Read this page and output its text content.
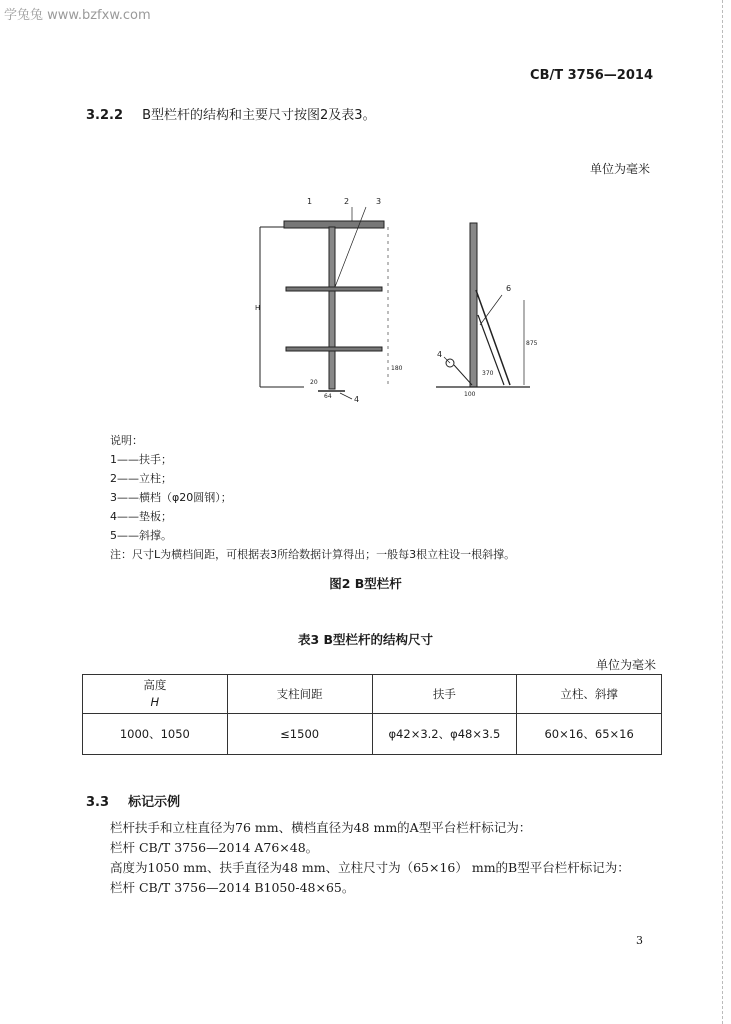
学兔兔 www.bzfxw.com
CB/T 3756—2014
3.2.2 B型栏杆的结构和主要尺寸按图2及表3。
单位为毫米
1	2	3
4
H
180
20
64
6
4
875
370
100
说明：
1——扶手；
2——立柱；
3——横档（φ20圆钢）；
4——垫板；
5——斜撑。
注：尺寸L为横档间距，可根据表3所给数据计算得出；一般每3根立柱设一根斜撑。
图2 B型栏杆
表3 B型栏杆的结构尺寸
单位为毫米
高度
H	支柱间距	扶手	立柱、斜撑
1000、1050	≤1500	φ42×3.2、φ48×3.5	60×16、65×16
3.3 标记示例
栏杆扶手和立柱直径为76 mm、横档直径为48 mm的A型平台栏杆标记为：
栏杆 CB/T 3756—2014 A76×48。
高度为1050 mm、扶手直径为48 mm、立柱尺寸为（65×16） mm的B型平台栏杆标记为：
栏杆 CB/T 3756—2014 B1050-48×65。
3
